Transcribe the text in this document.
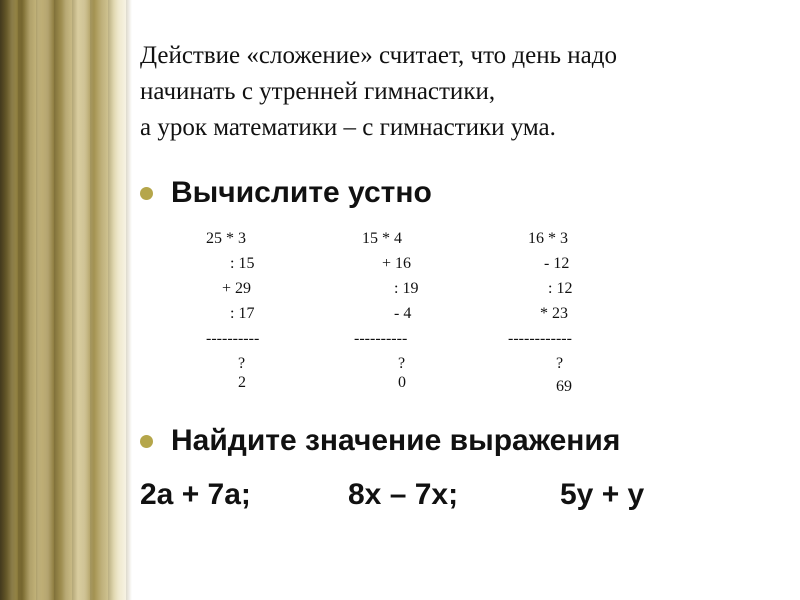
Действие «сложение» считает, что день надо
начинать с утренней гимнастики,
а урок математики – с гимнастики ума.
Вычислите устно
25 * 3
: 15
+ 29
: 17
----------
?
2
15 * 4
+ 16
: 19
- 4
----------
?
0
16 * 3
- 12
: 12
* 23
------------
?
69
Найдите значение выражения
2a + 7a;	8x – 7x;	5y + y
